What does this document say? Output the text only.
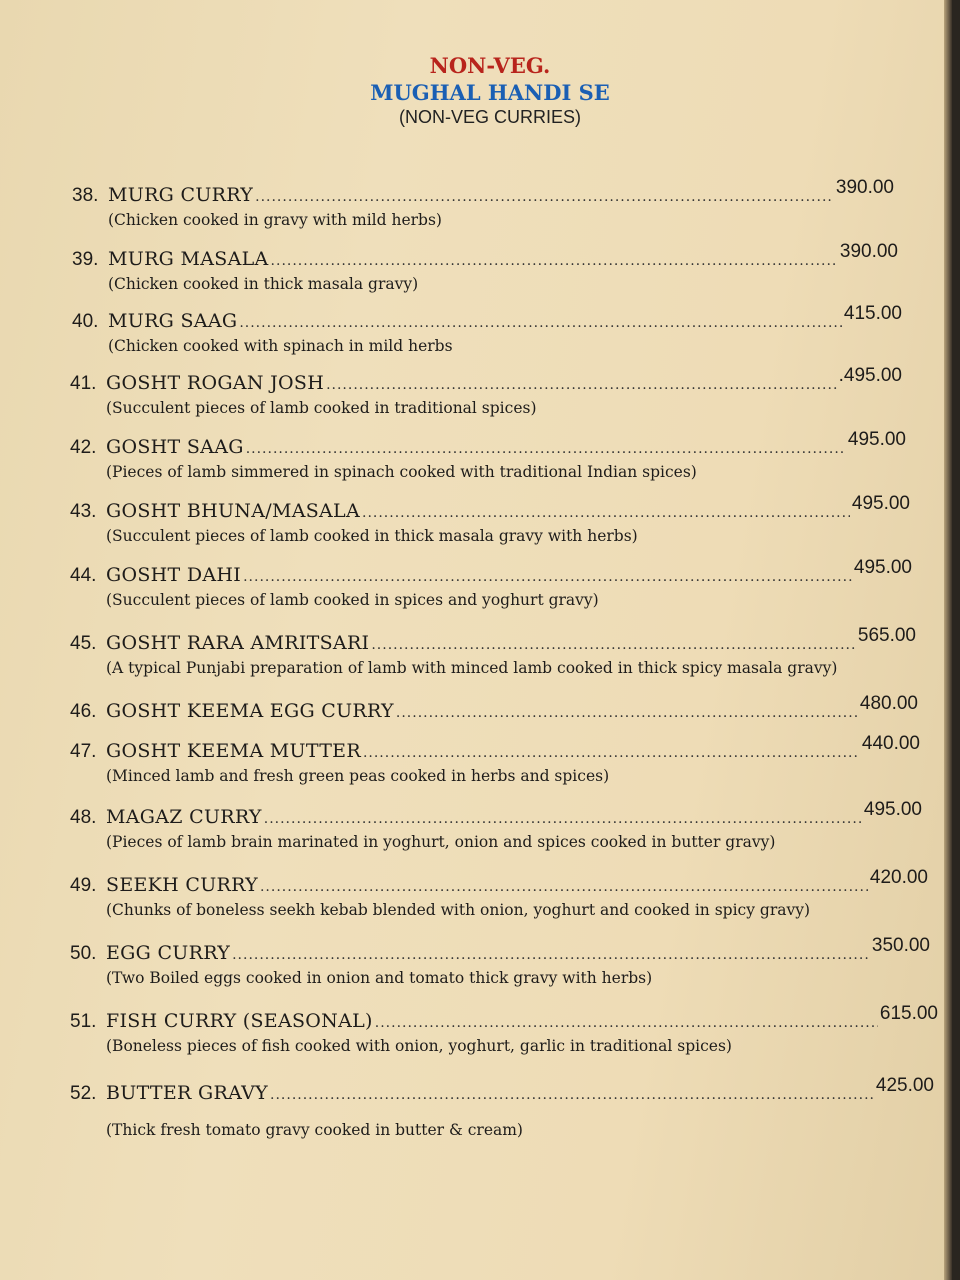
NON-VEG.
MUGHAL HANDI SE
(NON-VEG CURRIES)
38. MURG CURRY .....	390.00
(Chicken cooked in gravy with mild herbs)
39. MURG MASALA .....	390.00
(Chicken cooked in thick masala gravy)
40. MURG SAAG .....	415.00
(Chicken cooked with spinach in mild herbs
41. GOSHT ROGAN JOSH .....	.495.00
(Succulent pieces of lamb cooked in traditional spices)
42. GOSHT SAAG .....	495.00
(Pieces of lamb simmered in spinach cooked with traditional Indian spices)
43. GOSHT BHUNA/MASALA .....	495.00
(Succulent pieces of lamb cooked in thick masala gravy with herbs)
44. GOSHT DAHI .....	495.00
(Succulent pieces of lamb cooked in spices and yoghurt gravy)
45. GOSHT RARA AMRITSARI .....	565.00
(A typical Punjabi preparation of lamb with minced lamb cooked in thick spicy masala gravy)
46. GOSHT KEEMA EGG CURRY .....	480.00
47. GOSHT KEEMA MUTTER .....	440.00
(Minced lamb and fresh green peas cooked in herbs and spices)
48. MAGAZ CURRY .....	495.00
(Pieces of lamb brain marinated in yoghurt, onion and spices cooked in butter gravy)
49. SEEKH CURRY .....	420.00
(Chunks of boneless seekh kebab blended with onion, yoghurt and cooked in spicy gravy)
50. EGG CURRY .....	350.00
(Two Boiled eggs cooked in onion and tomato thick gravy with herbs)
51. FISH CURRY (SEASONAL) .....	615.00
(Boneless pieces of fish cooked with onion, yoghurt, garlic in traditional spices)
52. BUTTER GRAVY .....	425.00
(Thick fresh tomato gravy cooked in butter & cream)
